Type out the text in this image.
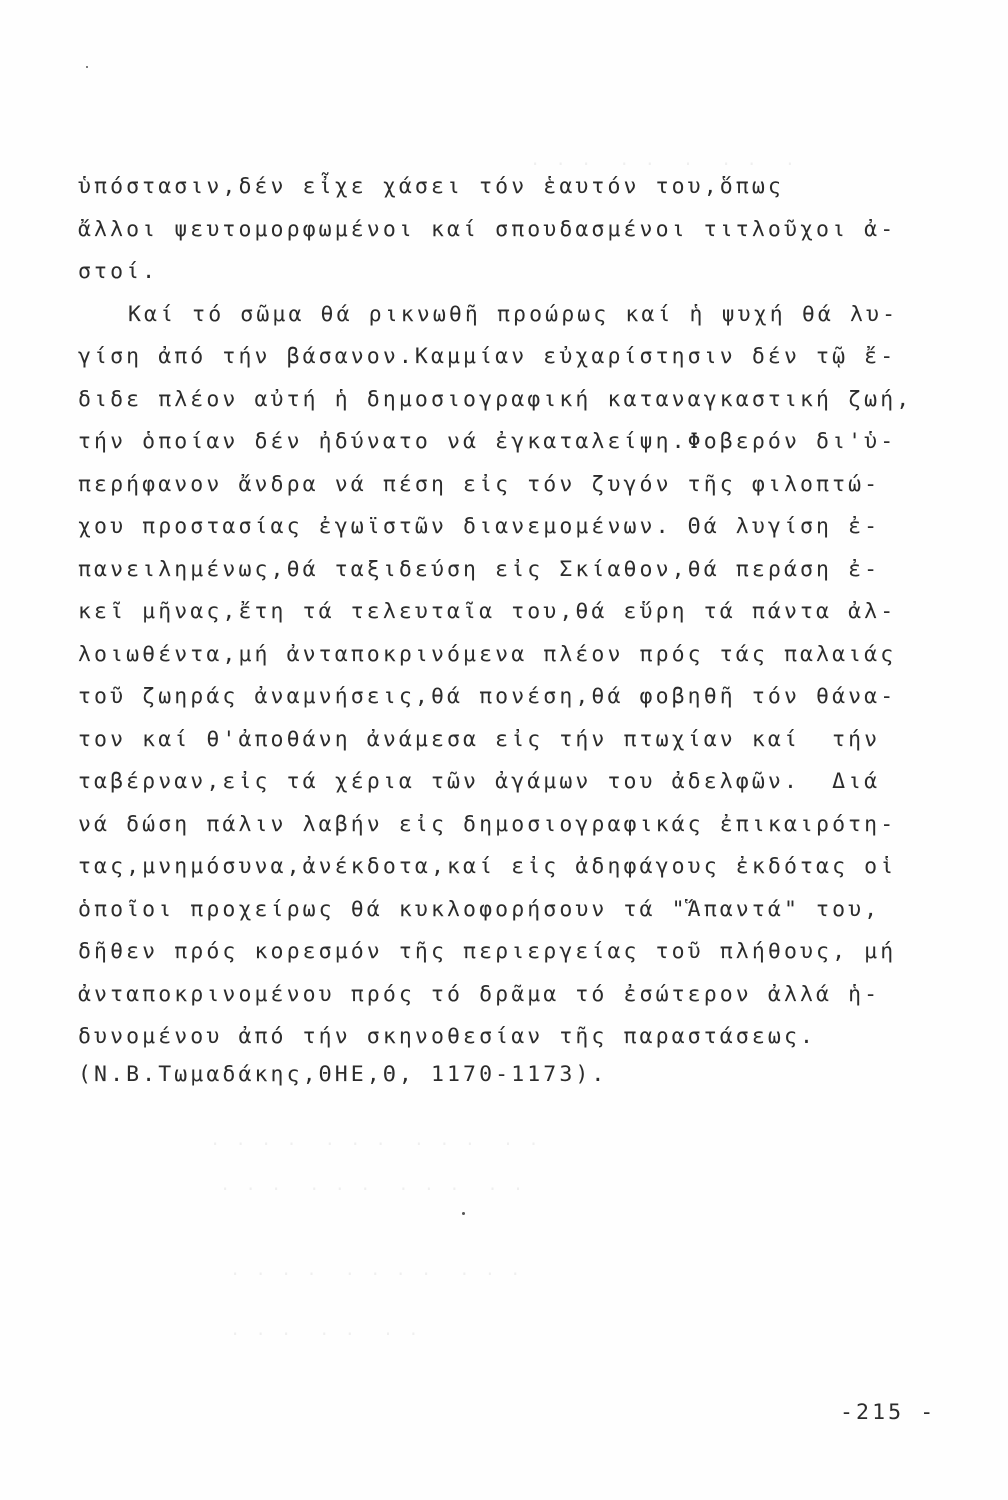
. . .  . .  .  . .  .
. . . .  . . .  . . .  . .
. . .  . . .  . . .  . .
. . . .  . . . .  . . .
. . .  . .  . .
ὑπόστασιν,δέν εἶχε χάσει τόν ἑαυτόν του,ὅπως
ἄλλοι ψευτομορφωμένοι καί σπουδασμένοι τιτλοῦχοι ἀ-
στοί.
Καί τό σῶμα θά ρικνωθῆ προώρως καί ἡ ψυχή θά λυ-
γίση ἀπό τήν βάσανον.Καμμίαν εὐχαρίστησιν δέν τῷ ἔ-
διδε πλέον αὐτή ἡ δημοσιογραφική καταναγκαστική ζωή,
τήν ὁποίαν δέν ἠδύνατο νά ἐγκαταλείψη.Φοβερόν δι'ὑ-
περήφανον ἄνδρα νά πέση εἰς τόν ζυγόν τῆς φιλοπτώ-
χου προστασίας ἐγωϊστῶν διανεμομένων. Θά λυγίση ἐ-
πανειλημένως,θά ταξιδεύση εἰς Σκίαθον,θά περάση ἐ-
κεῖ μῆνας,ἔτη τά τελευταῖα του,θά εὕρη τά πάντα ἀλ-
λοιωθέντα,μή ἀνταποκρινόμενα πλέον πρός τάς παλαιάς
τοῦ ζωηράς ἀναμνήσεις,θά πονέση,θά φοβηθῆ τόν θάνα-
τον καί θ'ἀποθάνη ἀνάμεσα εἰς τήν πτωχίαν καί  τήν
ταβέρναν,εἰς τά χέρια τῶν ἀγάμων του ἀδελφῶν.  Διά
νά δώση πάλιν λαβήν εἰς δημοσιογραφικάς ἐπικαιρότη-
τας,μνημόσυνα,ἀνέκδοτα,καί εἰς ἀδηφάγους ἐκδότας οἱ
ὁποῖοι προχείρως θά κυκλοφορήσουν τά "Ἅπαντά" του,
δῆθεν πρός κορεσμόν τῆς περιεργείας τοῦ πλήθους, μή
ἀνταποκρινομένου πρός τό δρᾶμα τό ἐσώτερον ἀλλά ἡ-
δυνομένου ἀπό τήν σκηνοθεσίαν τῆς παραστάσεως.
(Ν.Β.Τωμαδάκης,ΘΗΕ,Θ, 1170-1173).
-215 -
